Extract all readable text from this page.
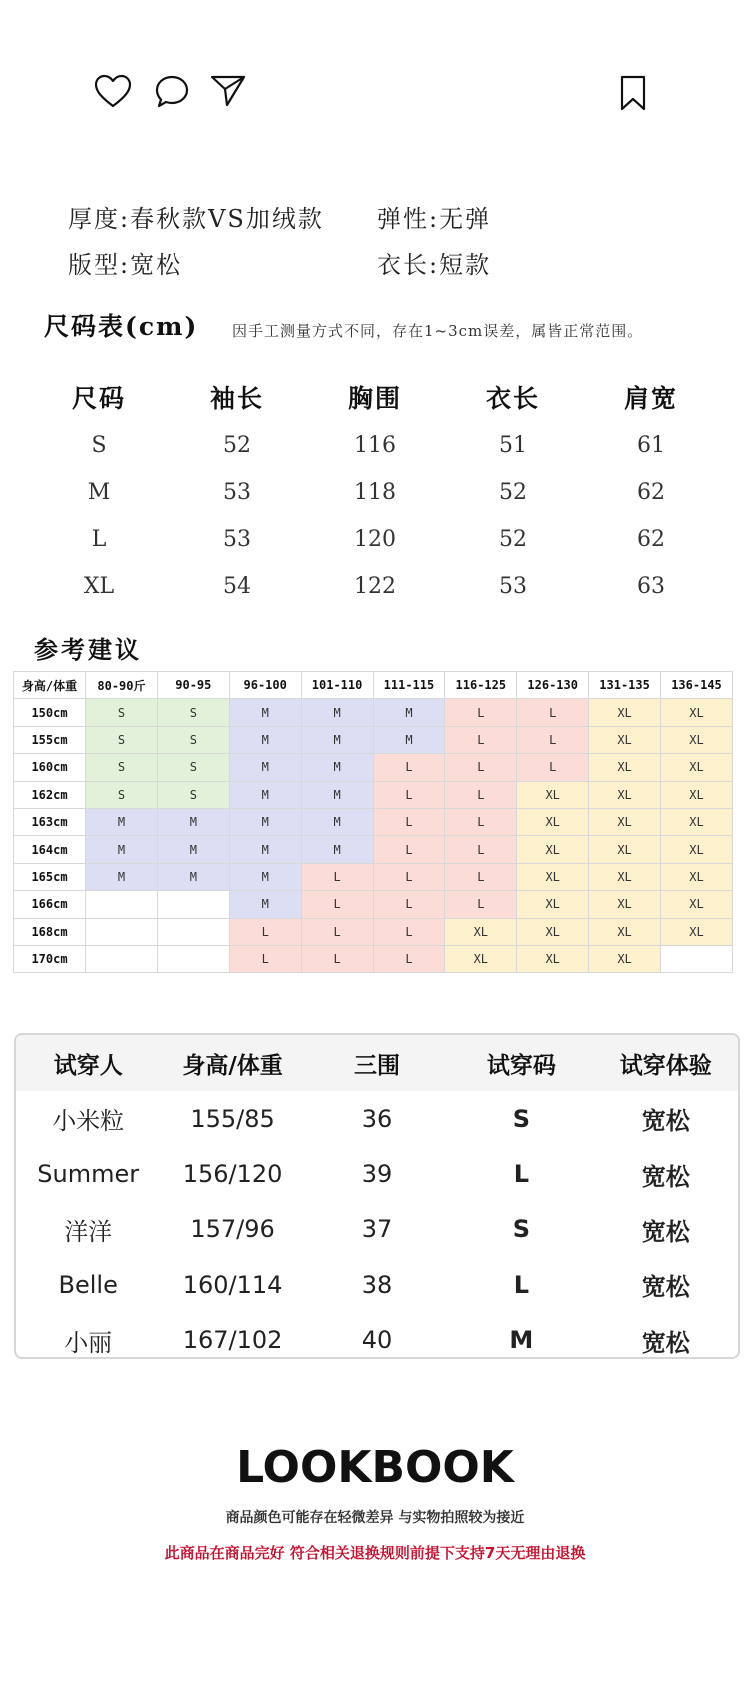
厚度:春秋款VS加绒款 弹性:无弹
版型:宽松	衣长:短款
尺码表(cm) 因手工测量方式不同，存在1~3cm误差，属皆正常范围。
尺码	袖长	胸围	衣长	肩宽
S	52	116	51	61
M	53	118	52	62
L	53	120	52	62
XL	54	122	53	63
参考建议
身高/体重	80-90斤	90-95	96-100	101-110	111-115	116-125	126-130	131-135	136-145
150cm	S	S	M	M	M	L	L	XL	XL
155cm	S	S	M	M	M	L	L	XL	XL
160cm	S	S	M	M	L	L	L	XL	XL
162cm	S	S	M	M	L	L	XL	XL	XL
163cm	M	M	M	M	L	L	XL	XL	XL
164cm	M	M	M	M	L	L	XL	XL	XL
165cm	M	M	M	L	L	L	XL	XL	XL
166cm			M	L	L	L	XL	XL	XL
168cm			L	L	L	XL	XL	XL	XL
170cm			L	L	L	XL	XL	XL	
试穿人	身高/体重	三围	试穿码	试穿体验
小米粒	155/85	36	S	宽松
Summer	156/120	39	L	宽松
洋洋	157/96	37	S	宽松
Belle	160/114	38	L	宽松
小丽	167/102	40	M	宽松
LOOKBOOK
商品颜色可能存在轻微差异 与实物拍照较为接近
此商品在商品完好 符合相关退换规则前提下支持7天无理由退换
